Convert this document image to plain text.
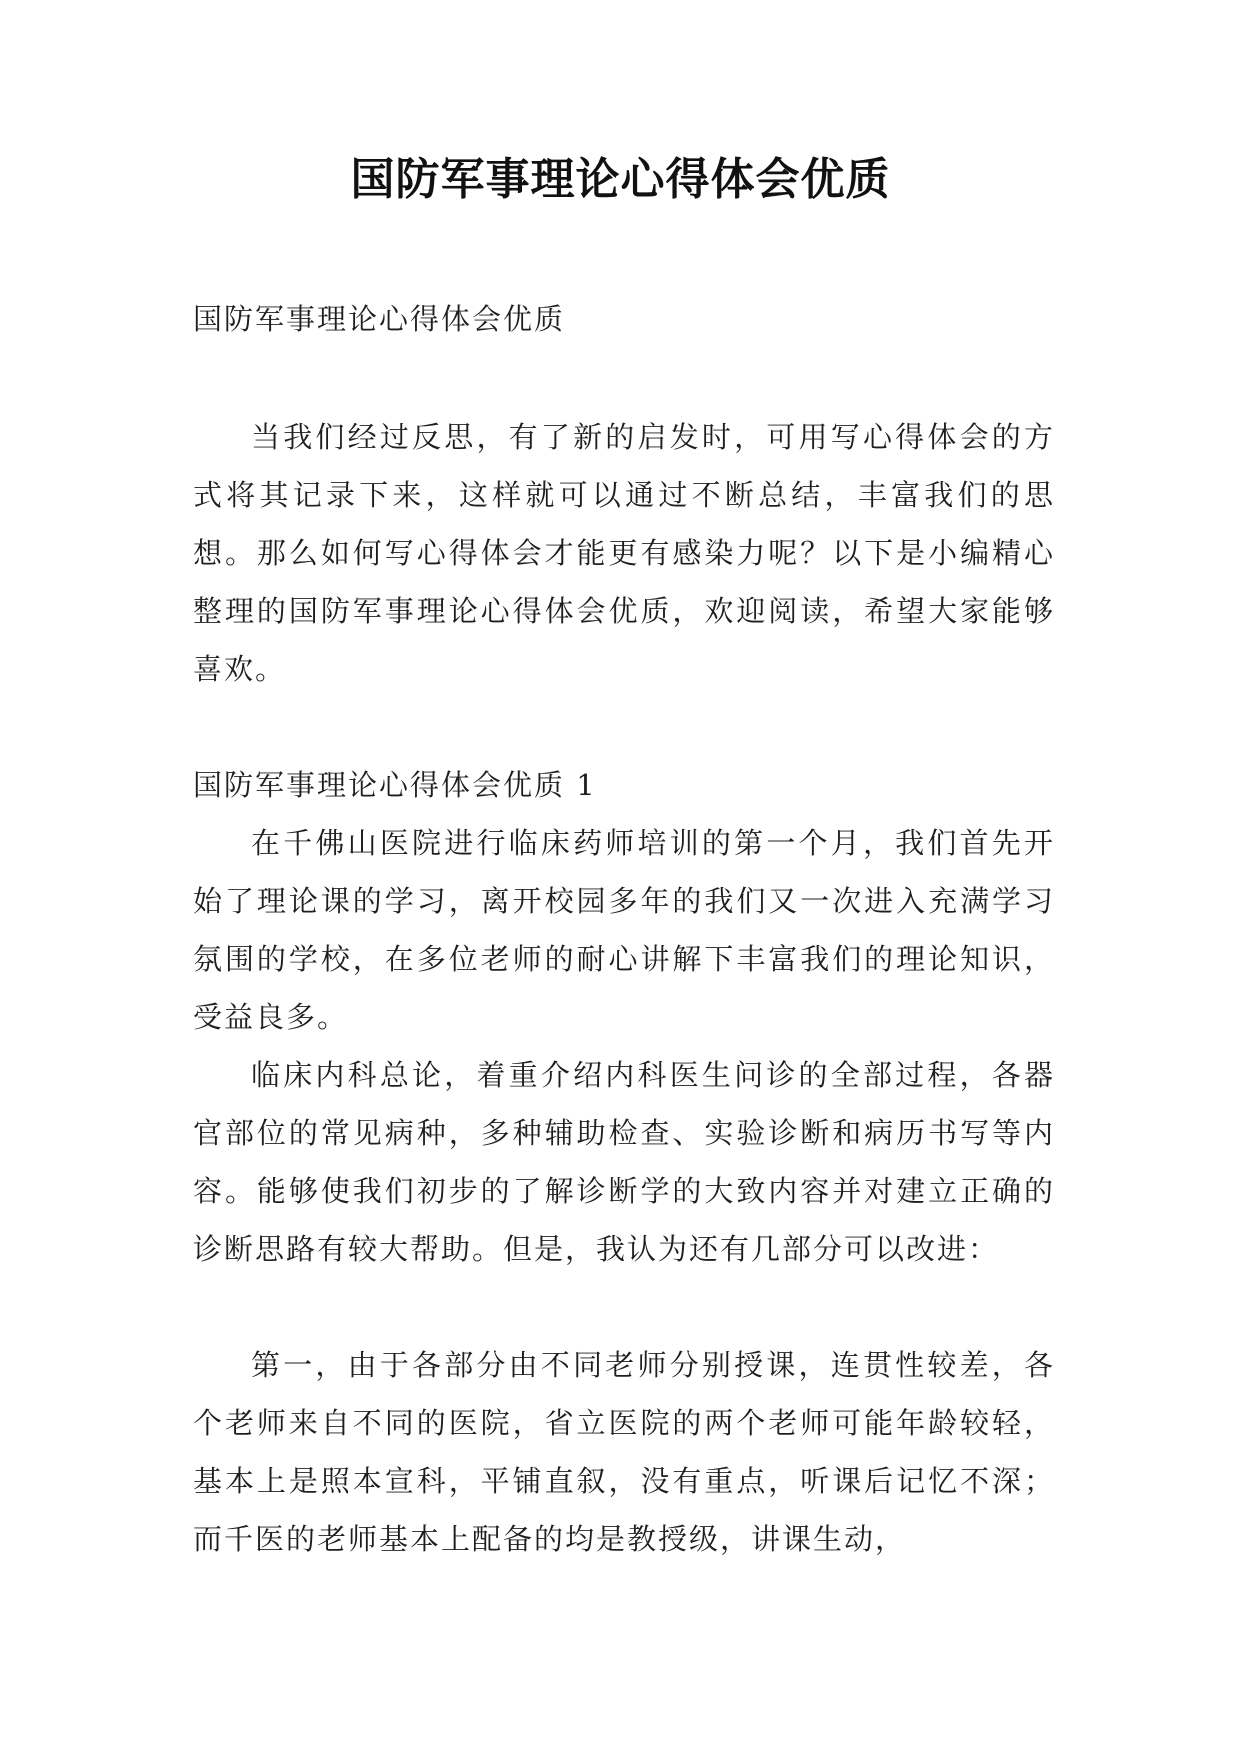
国防军事理论心得体会优质
国防军事理论心得体会优质
当我们经过反思，有了新的启发时，可用写心得体会的方式将其记录下来，这样就可以通过不断总结，丰富我们的思想。那么如何写心得体会才能更有感染力呢？以下是小编精心整理的国防军事理论心得体会优质，欢迎阅读，希望大家能够喜欢。
国防军事理论心得体会优质 1
在千佛山医院进行临床药师培训的第一个月，我们首先开始了理论课的学习，离开校园多年的我们又一次进入充满学习氛围的学校，在多位老师的耐心讲解下丰富我们的理论知识，受益良多。
临床内科总论，着重介绍内科医生问诊的全部过程，各器官部位的常见病种，多种辅助检查、实验诊断和病历书写等内容。能够使我们初步的了解诊断学的大致内容并对建立正确的诊断思路有较大帮助。但是，我认为还有几部分可以改进：
第一，由于各部分由不同老师分别授课，连贯性较差，各个老师来自不同的医院，省立医院的两个老师可能年龄较轻，基本上是照本宣科，平铺直叙，没有重点，听课后记忆不深；而千医的老师基本上配备的均是教授级，讲课生动，
